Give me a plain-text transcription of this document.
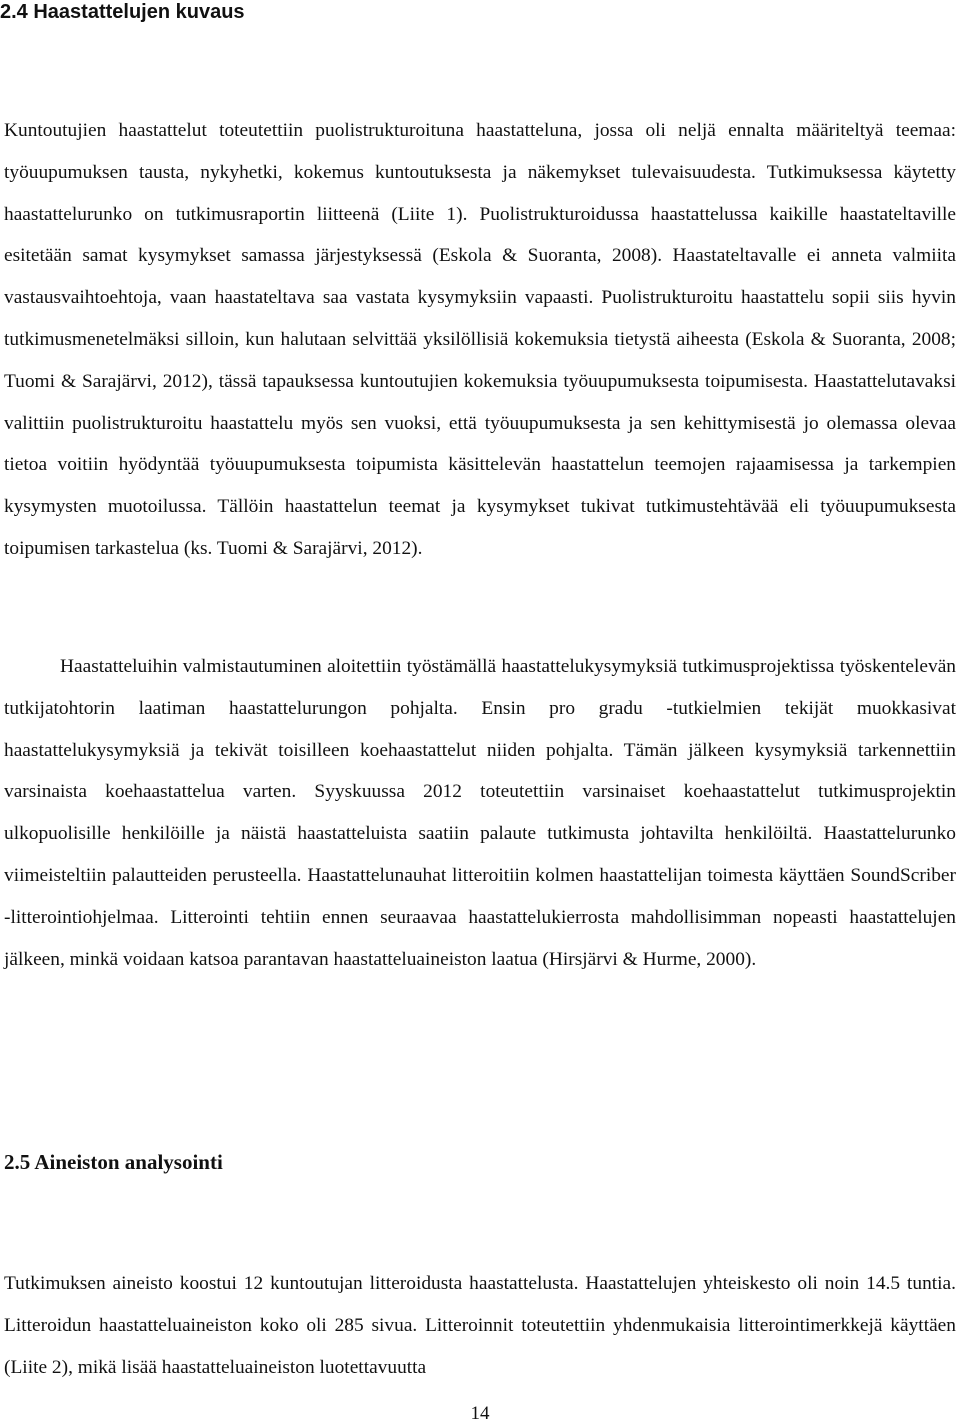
2.4 Haastattelujen kuvaus

Kuntoutujien haastattelut toteutettiin puolistrukturoituna haastatteluna, jossa oli neljä ennalta määriteltyä teemaa: työuupumuksen tausta, nykyhetki, kokemus kuntoutuksesta ja näkemykset tulevaisuudesta. Tutkimuksessa käytetty haastattelurunko on tutkimusraportin liitteenä (Liite 1). Puolistrukturoidussa haastattelussa kaikille haastateltaville esitetään samat kysymykset samassa järjestyksessä (Eskola & Suoranta, 2008). Haastateltavalle ei anneta valmiita vastausvaihtoehtoja, vaan haastateltava saa vastata kysymyksiin vapaasti. Puolistrukturoitu haastattelu sopii siis hyvin tutkimusmenetelmäksi silloin, kun halutaan selvittää yksilöllisiä kokemuksia tietystä aiheesta (Eskola & Suoranta, 2008; Tuomi & Sarajärvi, 2012), tässä tapauksessa kuntoutujien kokemuksia työuupumuksesta toipumisesta. Haastattelutavaksi valittiin puolistrukturoitu haastattelu myös sen vuoksi, että työuupumuksesta ja sen kehittymisestä jo olemassa olevaa tietoa voitiin hyödyntää työuupumuksesta toipumista käsittelevän haastattelun teemojen rajaamisessa ja tarkempien kysymysten muotoilussa. Tällöin haastattelun teemat ja kysymykset tukivat tutkimustehtävää eli työuupumuksesta toipumisen tarkastelua (ks. Tuomi & Sarajärvi, 2012).

Haastatteluihin valmistautuminen aloitettiin työstämällä haastattelukysymyksiä tutkimusprojektissa työskentelevän tutkijatohtorin laatiman haastattelurungon pohjalta. Ensin pro gradu -tutkielmien tekijät muokkasivat haastattelukysymyksiä ja tekivät toisilleen koehaastattelut niiden pohjalta. Tämän jälkeen kysymyksiä tarkennettiin varsinaista koehaastattelua varten. Syyskuussa 2012 toteutettiin varsinaiset koehaastattelut tutkimusprojektin ulkopuolisille henkilöille ja näistä haastatteluista saatiin palaute tutkimusta johtavilta henkilöiltä. Haastattelurunko viimeisteltiin palautteiden perusteella. Haastattelunauhat litteroitiin kolmen haastattelijan toimesta käyttäen SoundScriber -litterointiohjelmaa. Litterointi tehtiin ennen seuraavaa haastattelukierrosta mahdollisimman nopeasti haastattelujen jälkeen, minkä voidaan katsoa parantavan haastatteluaineiston laatua (Hirsjärvi & Hurme, 2000).

2.5 Aineiston analysointi

Tutkimuksen aineisto koostui 12 kuntoutujan litteroidusta haastattelusta. Haastattelujen yhteiskesto oli noin 14.5 tuntia. Litteroidun haastatteluaineiston koko oli 285 sivua. Litteroinnit toteutettiin yhdenmukaisia litterointimerkkejä käyttäen (Liite 2), mikä lisää haastatteluaineiston luotettavuutta

14
